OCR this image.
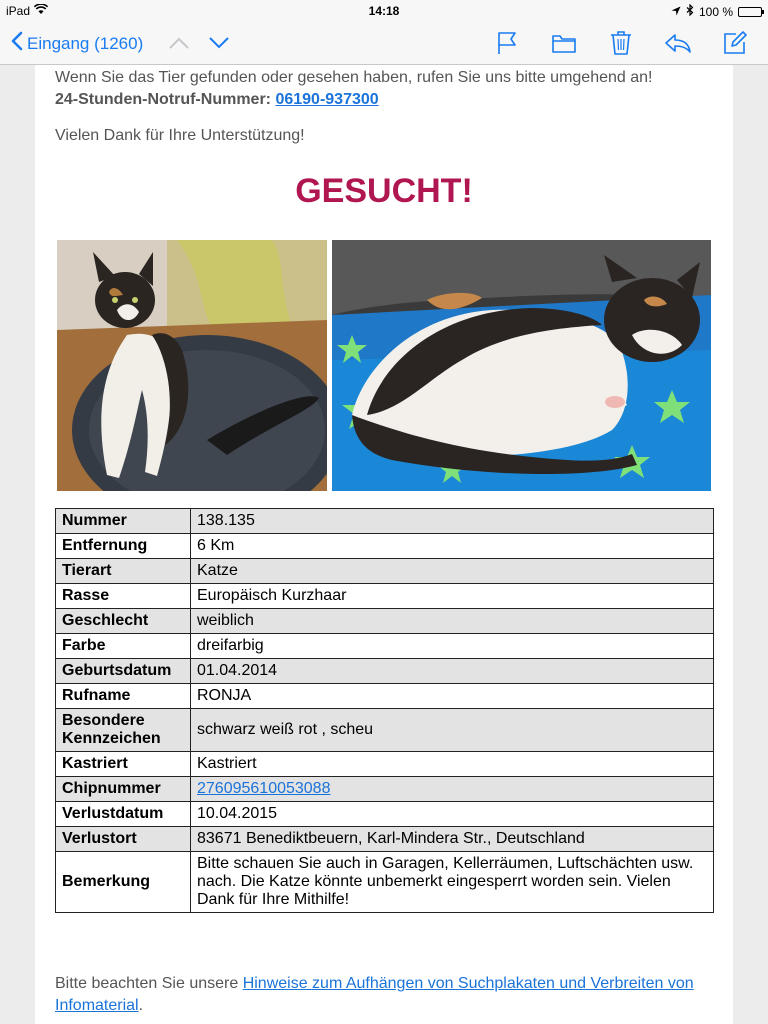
iPad	14:18	100 %
Eingang (1260)
Wenn Sie das Tier gefunden oder gesehen haben, rufen Sie uns bitte umgehend an!
24-Stunden-Notruf-Nummer: 06190-937300
Vielen Dank für Ihre Unterstützung!
GESUCHT!
Nummer	138.135
Entfernung	6 Km
Tierart	Katze
Rasse	Europäisch Kurzhaar
Geschlecht	weiblich
Farbe	dreifarbig
Geburtsdatum	01.04.2014
Rufname	RONJA
Besondere Kennzeichen	schwarz weiß rot , scheu
Kastriert	Kastriert
Chipnummer	276095610053088
Verlustdatum	10.04.2015
Verlustort	83671 Benediktbeuern, Karl-Mindera Str., Deutschland
Bemerkung	Bitte schauen Sie auch in Garagen, Kellerräumen, Luftschächten usw. nach. Die Katze könnte unbemerkt eingesperrt worden sein. Vielen Dank für Ihre Mithilfe!
Bitte beachten Sie unsere Hinweise zum Aufhängen von Suchplakaten und Verbreiten von Infomaterial.
